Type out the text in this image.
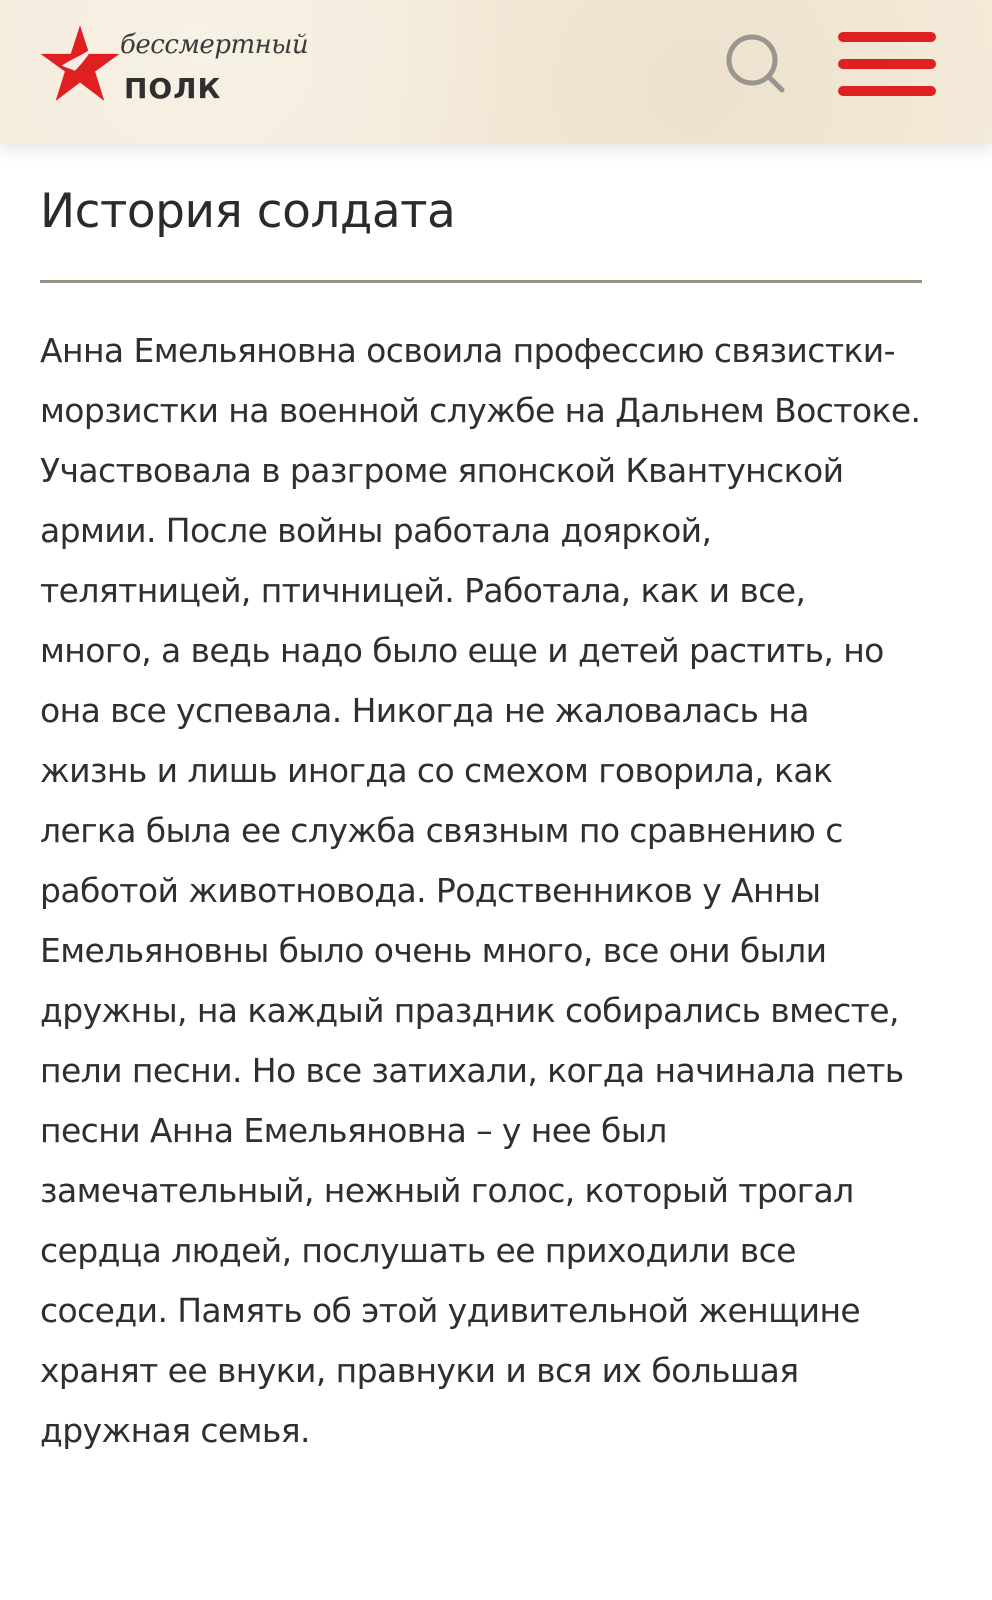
бессмертный
ПОЛК
История солдата

Анна Емельяновна освоила профессию связистки-морзистки на военной службе на Дальнем Востоке. Участвовала в разгроме японской Квантунской армии. После войны работала дояркой, телятницей, птичницей. Работала, как и все, много, а ведь надо было еще и детей растить, но она все успевала. Никогда не жаловалась на жизнь и лишь иногда со смехом говорила, как легка была ее служба связным по сравнению с работой животновода. Родственников у Анны Емельяновны было очень много, все они были дружны, на каждый праздник собирались вместе, пели песни. Но все затихали, когда начинала петь песни Анна Емельяновна – у нее был замечательный, нежный голос, который трогал сердца людей, послушать ее приходили все соседи. Память об этой удивительной женщине хранят ее внуки, правнуки и вся их большая дружная семья.
